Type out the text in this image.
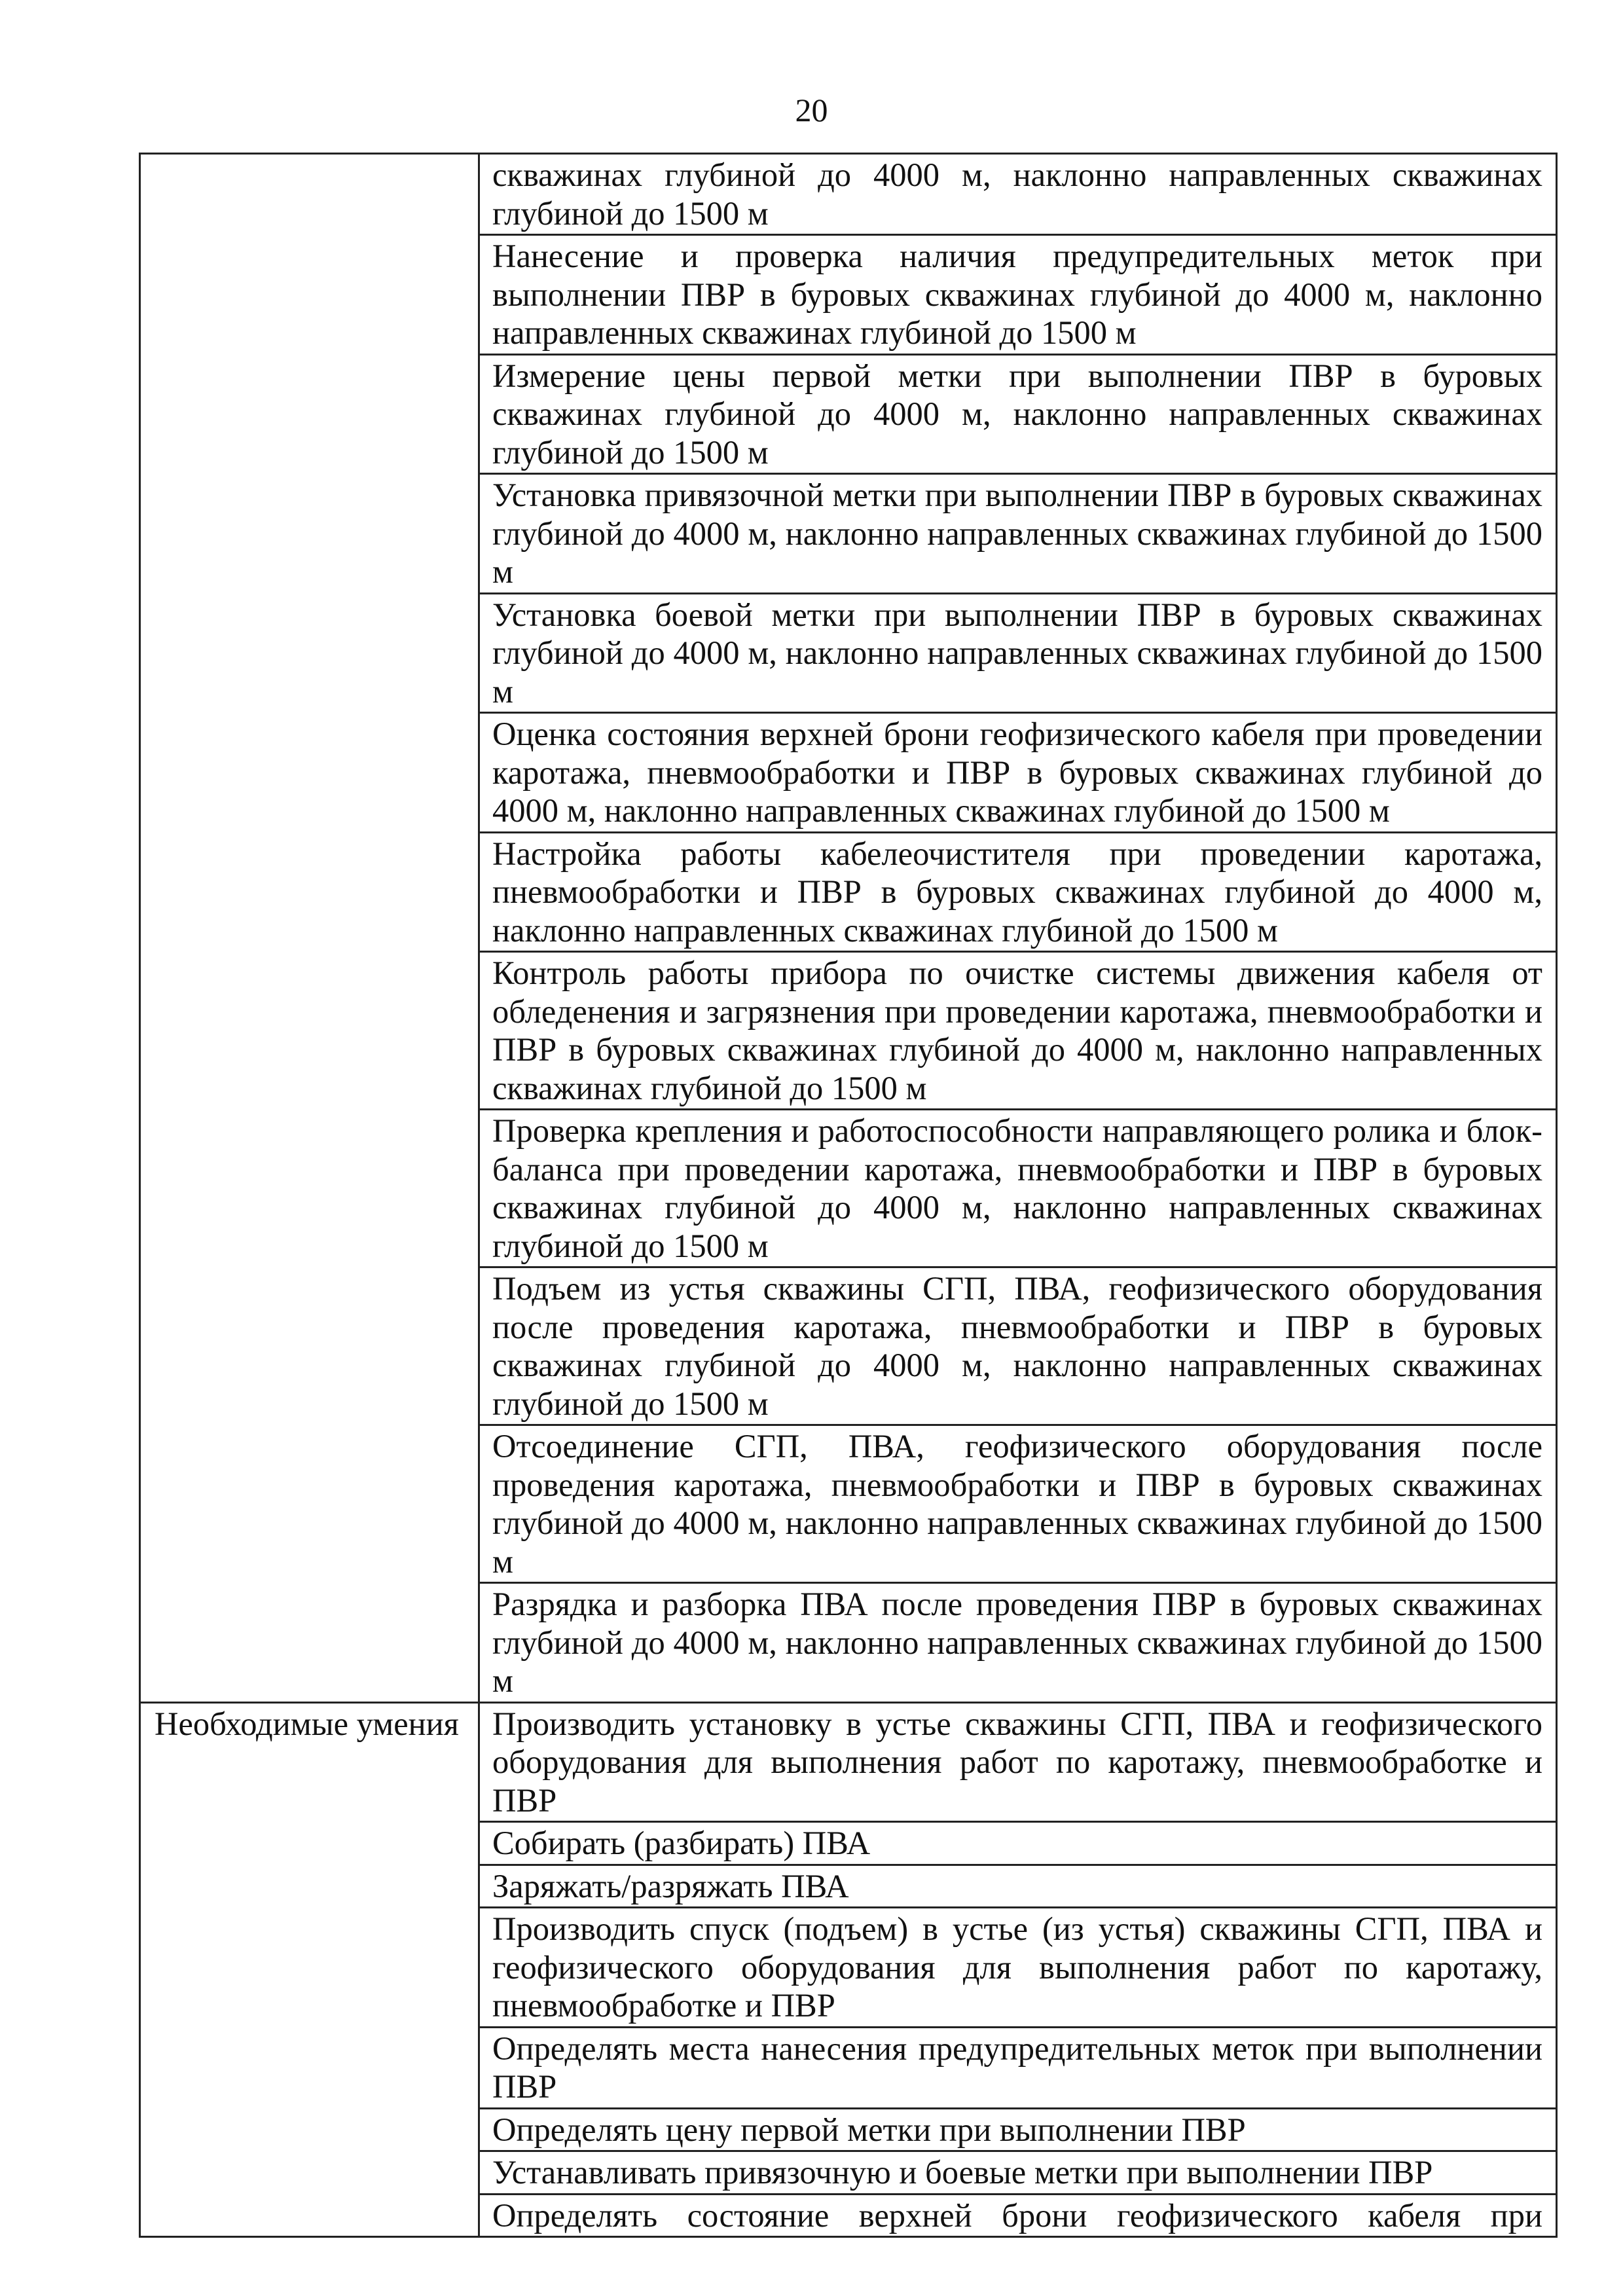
20
	скважинах глубиной до 4000 м, наклонно направленных скважинах глубиной до 1500 м
	Нанесение и проверка наличия предупредительных меток при выполнении ПВР в буровых скважинах глубиной до 4000 м, наклонно направленных скважинах глубиной до 1500 м
	Измерение цены первой метки при выполнении ПВР в буровых скважинах глубиной до 4000 м, наклонно направленных скважинах глубиной до 1500 м
	Установка привязочной метки при выполнении ПВР в буровых скважинах глубиной до 4000 м, наклонно направленных скважинах глубиной до 1500 м
	Установка боевой метки при выполнении ПВР в буровых скважинах глубиной до 4000 м, наклонно направленных скважинах глубиной до 1500 м
	Оценка состояния верхней брони геофизического кабеля при проведении каротажа, пневмообработки и ПВР в буровых скважинах глубиной до 4000 м, наклонно направленных скважинах глубиной до 1500 м
	Настройка работы кабелеочистителя при проведении каротажа, пневмообработки и ПВР в буровых скважинах глубиной до 4000 м, наклонно направленных скважинах глубиной до 1500 м
	Контроль работы прибора по очистке системы движения кабеля от обледенения и загрязнения при проведении каротажа, пневмообработки и ПВР в буровых скважинах глубиной до 4000 м, наклонно направленных скважинах глубиной до 1500 м
	Проверка крепления и работоспособности направляющего ролика и блок-баланса при проведении каротажа, пневмообработки и ПВР в буровых скважинах глубиной до 4000 м, наклонно направленных скважинах глубиной до 1500 м
	Подъем из устья скважины СГП, ПВА, геофизического оборудования после проведения каротажа, пневмообработки и ПВР в буровых скважинах глубиной до 4000 м, наклонно направленных скважинах глубиной до 1500 м
	Отсоединение СГП, ПВА, геофизического оборудования после проведения каротажа, пневмообработки и ПВР в буровых скважинах глубиной до 4000 м, наклонно направленных скважинах глубиной до 1500 м
	Разрядка и разборка ПВА после проведения ПВР в буровых скважинах глубиной до 4000 м, наклонно направленных скважинах глубиной до 1500 м
Необходимые умения	Производить установку в устье скважины СГП, ПВА и геофизического оборудования для выполнения работ по каротажу, пневмообработке и ПВР
	Собирать (разбирать) ПВА
	Заряжать/разряжать ПВА
	Производить спуск (подъем) в устье (из устья) скважины СГП, ПВА и геофизического оборудования для выполнения работ по каротажу, пневмообработке и ПВР
	Определять места нанесения предупредительных меток при выполнении ПВР
	Определять цену первой метки при выполнении ПВР
	Устанавливать привязочную и боевые метки при выполнении ПВР
	Определять состояние верхней брони геофизического кабеля при
